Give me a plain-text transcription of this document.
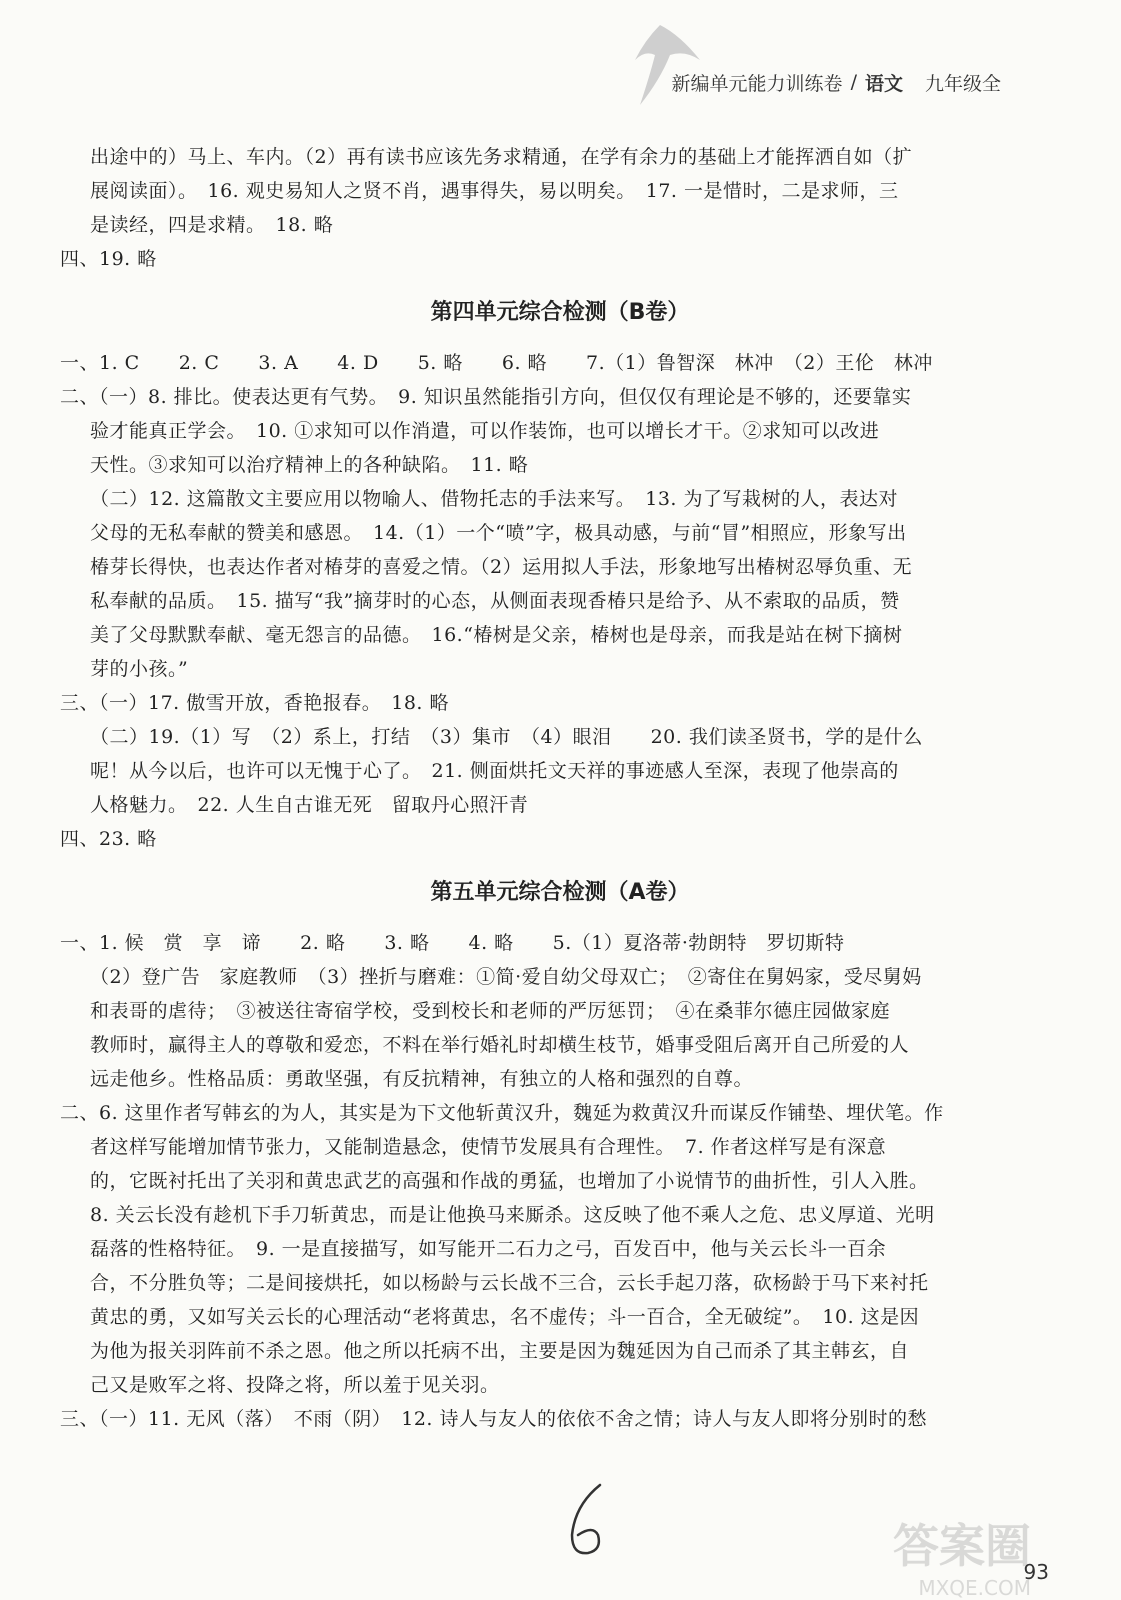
新编单元能力训练卷 / 语文 九年级全
出途中的）马上、车内。（2）再有读书应该先务求精通，在学有余力的基础上才能挥洒自如（扩
展阅读面）。　16. 观史易知人之贤不肖，遇事得失，易以明矣。　17. 一是惜时，二是求师，三
是读经，四是求精。　18. 略
四、19. 略
第四单元综合检测（B卷）
一、1. C　　2. C　　3. A　　4. D　　5. 略　　6. 略　　7.（1）鲁智深　林冲　（2）王伦　林冲
二、（一）8. 排比。使表达更有气势。　9. 知识虽然能指引方向，但仅仅有理论是不够的，还要靠实
验才能真正学会。　10. ①求知可以作消遣，可以作装饰，也可以增长才干。②求知可以改进
天性。③求知可以治疗精神上的各种缺陷。　11. 略
（二）12. 这篇散文主要应用以物喻人、借物托志的手法来写。　13. 为了写栽树的人，表达对
父母的无私奉献的赞美和感恩。　14.（1）一个“喷”字，极具动感，与前“冒”相照应，形象写出
椿芽长得快，也表达作者对椿芽的喜爱之情。（2）运用拟人手法，形象地写出椿树忍辱负重、无
私奉献的品质。　15. 描写“我”摘芽时的心态，从侧面表现香椿只是给予、从不索取的品质，赞
美了父母默默奉献、毫无怨言的品德。　16.“椿树是父亲，椿树也是母亲，而我是站在树下摘树
芽的小孩。”
三、（一）17. 傲雪开放，香艳报春。　18. 略
（二）19.（1）写　（2）系上，打结　（3）集市　（4）眼泪　　20. 我们读圣贤书，学的是什么
呢！从今以后，也许可以无愧于心了。　21. 侧面烘托文天祥的事迹感人至深，表现了他崇高的
人格魅力。　22. 人生自古谁无死　留取丹心照汗青
四、23. 略
第五单元综合检测（A卷）
一、1. 候　赏　享　谛　　2. 略　　3. 略　　4. 略　　5.（1）夏洛蒂·勃朗特　罗切斯特
（2）登广告　家庭教师　（3）挫折与磨难：①简·爱自幼父母双亡；　②寄住在舅妈家，受尽舅妈
和表哥的虐待；　③被送往寄宿学校，受到校长和老师的严厉惩罚；　④在桑菲尔德庄园做家庭
教师时，赢得主人的尊敬和爱恋，不料在举行婚礼时却横生枝节，婚事受阻后离开自己所爱的人
远走他乡。性格品质：勇敢坚强，有反抗精神，有独立的人格和强烈的自尊。
二、6. 这里作者写韩玄的为人，其实是为下文他斩黄汉升，魏延为救黄汉升而谋反作铺垫、埋伏笔。作
者这样写能增加情节张力，又能制造悬念，使情节发展具有合理性。　7. 作者这样写是有深意
的，它既衬托出了关羽和黄忠武艺的高强和作战的勇猛，也增加了小说情节的曲折性，引人入胜。
8. 关云长没有趁机下手刀斩黄忠，而是让他换马来厮杀。这反映了他不乘人之危、忠义厚道、光明
磊落的性格特征。　9. 一是直接描写，如写能开二石力之弓，百发百中，他与关云长斗一百余
合，不分胜负等；二是间接烘托，如以杨龄与云长战不三合，云长手起刀落，砍杨龄于马下来衬托
黄忠的勇，又如写关云长的心理活动“老将黄忠，名不虚传；斗一百合，全无破绽”。　10. 这是因
为他为报关羽阵前不杀之恩。他之所以托病不出，主要是因为魏延因为自己而杀了其主韩玄，自
己又是败军之将、投降之将，所以羞于见关羽。
三、（一）11. 无风（落）　不雨（阴）　12. 诗人与友人的依依不舍之情；诗人与友人即将分别时的愁
答案圈
MXQE.COM
93
